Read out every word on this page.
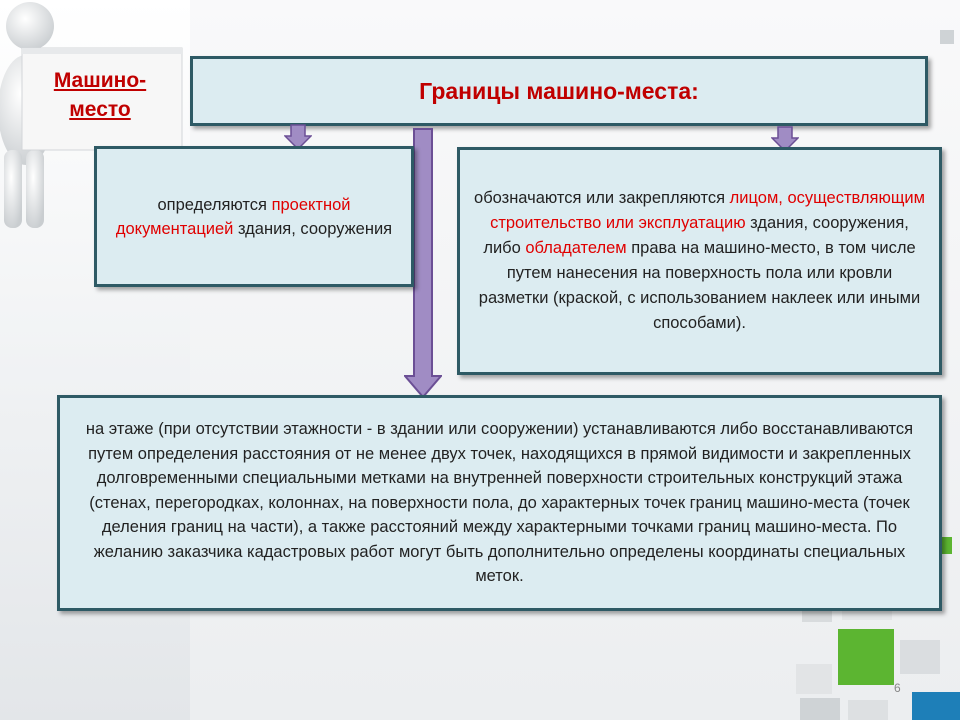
Машино-место
Границы машино-места:
определяются проектной документацией здания, сооружения
обозначаются или закрепляются лицом, осуществляющим строительство или эксплуатацию здания, сооружения, либо обладателем права на машино-место, в том числе путем нанесения на поверхность пола или кровли разметки (краской, с использованием наклеек или иными способами).
на этаже (при отсутствии этажности - в здании или сооружении) устанавливаются либо восстанавливаются путем определения расстояния от не менее двух точек, находящихся в прямой видимости и закрепленных долговременными специальными метками на внутренней поверхности строительных конструкций этажа (стенах, перегородках, колоннах, на поверхности пола, до характерных точек границ машино-места (точек деления границ на части), а также расстояний между характерными точками границ машино-места. По желанию заказчика кадастровых работ могут быть дополнительно определены координаты специальных меток.
6
